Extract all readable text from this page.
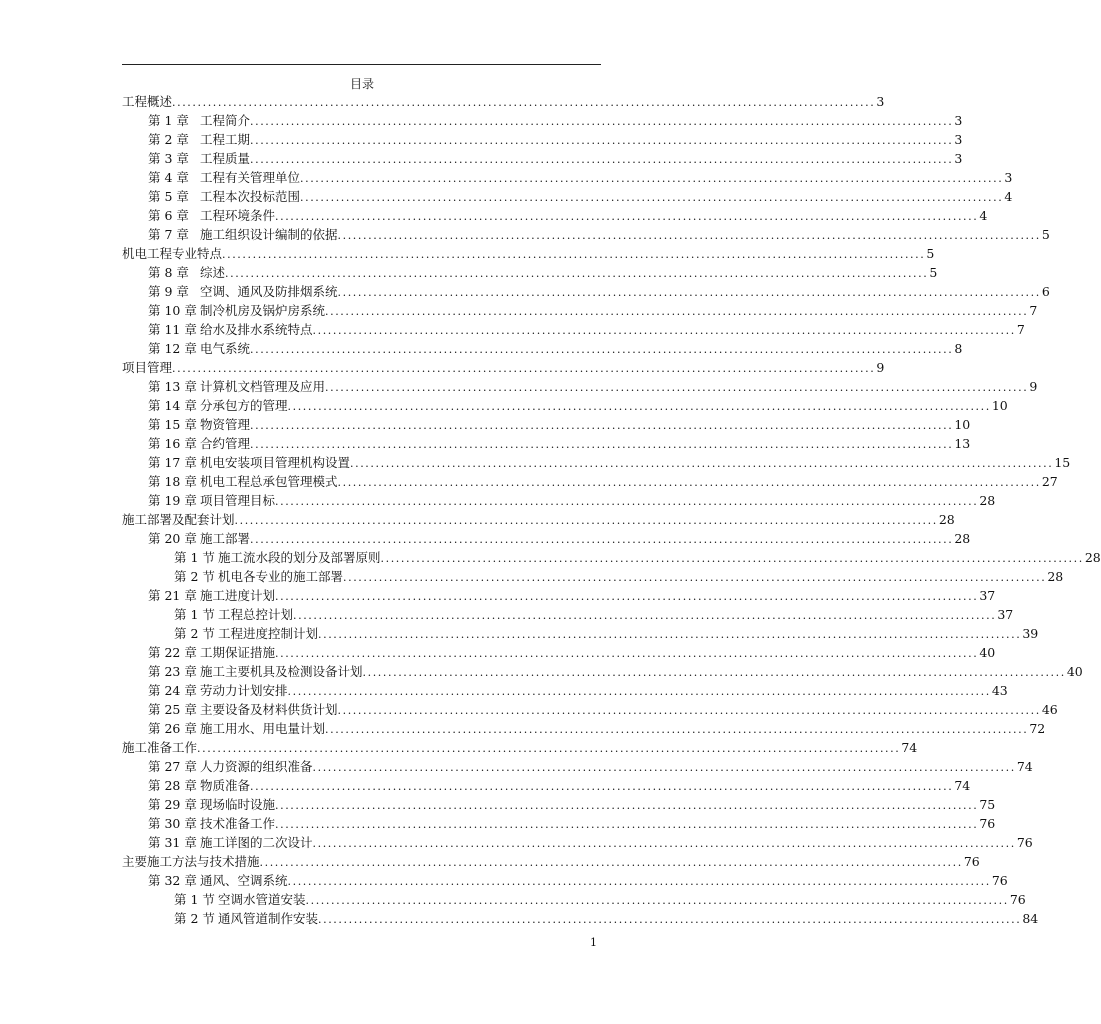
目录
工程概述 .......................................................................................................................................... 3
第 1 章 工程简介 .......................................................................................................................................... 3
第 2 章 工程工期 .......................................................................................................................................... 3
第 3 章 工程质量 .......................................................................................................................................... 3
第 4 章 工程有关管理单位 .......................................................................................................................................... 3
第 5 章 工程本次投标范围 .......................................................................................................................................... 4
第 6 章 工程环境条件 .......................................................................................................................................... 4
第 7 章 施工组织设计编制的依据 .......................................................................................................................................... 5
机电工程专业特点 .......................................................................................................................................... 5
第 8 章 综述 .......................................................................................................................................... 5
第 9 章 空调、通风及防排烟系统 .......................................................................................................................................... 6
第 10 章 制冷机房及锅炉房系统 .......................................................................................................................................... 7
第 11 章 给水及排水系统特点 .......................................................................................................................................... 7
第 12 章 电气系统 .......................................................................................................................................... 8
项目管理 .......................................................................................................................................... 9
第 13 章 计算机文档管理及应用 .......................................................................................................................................... 9
第 14 章 分承包方的管理 .......................................................................................................................................... 10
第 15 章 物资管理 .......................................................................................................................................... 10
第 16 章 合约管理 .......................................................................................................................................... 13
第 17 章 机电安装项目管理机构设置 .......................................................................................................................................... 15
第 18 章 机电工程总承包管理模式 .......................................................................................................................................... 27
第 19 章 项目管理目标 .......................................................................................................................................... 28
施工部署及配套计划 .......................................................................................................................................... 28
第 20 章 施工部署 .......................................................................................................................................... 28
第 1 节 施工流水段的划分及部署原则 .......................................................................................................................................... 28
第 2 节 机电各专业的施工部署 .......................................................................................................................................... 28
第 21 章 施工进度计划 .......................................................................................................................................... 37
第 1 节 工程总控计划 .......................................................................................................................................... 37
第 2 节 工程进度控制计划 .......................................................................................................................................... 39
第 22 章 工期保证措施 .......................................................................................................................................... 40
第 23 章 施工主要机具及检测设备计划 .......................................................................................................................................... 40
第 24 章 劳动力计划安排 .......................................................................................................................................... 43
第 25 章 主要设备及材料供货计划 .......................................................................................................................................... 46
第 26 章 施工用水、用电量计划 .......................................................................................................................................... 72
施工准备工作 .......................................................................................................................................... 74
第 27 章 人力资源的组织准备 .......................................................................................................................................... 74
第 28 章 物质准备 .......................................................................................................................................... 74
第 29 章 现场临时设施 .......................................................................................................................................... 75
第 30 章 技术准备工作 .......................................................................................................................................... 76
第 31 章 施工详图的二次设计 .......................................................................................................................................... 76
主要施工方法与技术措施 .......................................................................................................................................... 76
第 32 章 通风、空调系统 .......................................................................................................................................... 76
第 1 节 空调水管道安装 .......................................................................................................................................... 76
第 2 节 通风管道制作安装 .......................................................................................................................................... 84
1
